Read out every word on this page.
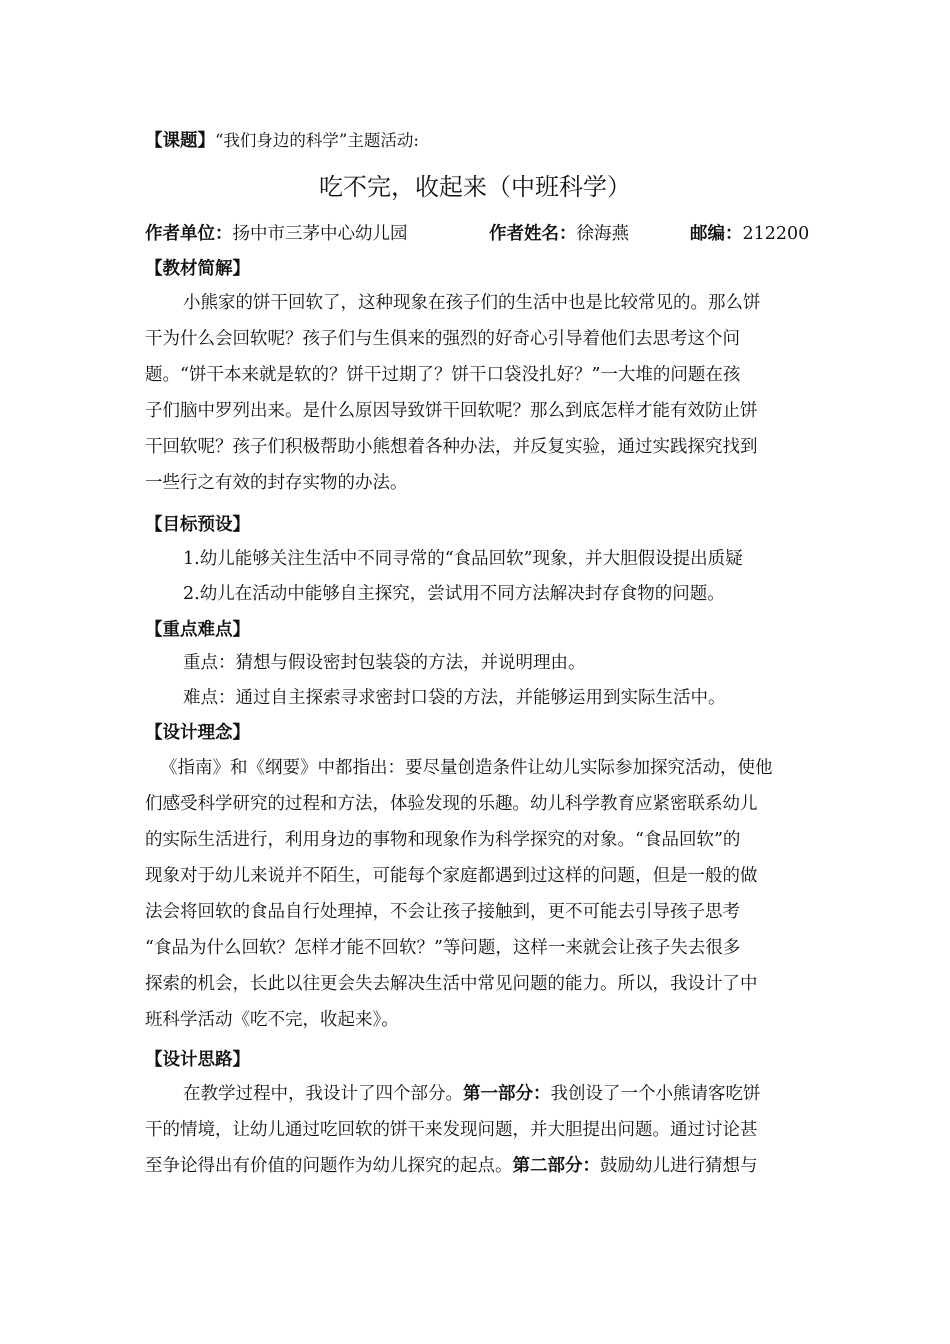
【课题】“我们身边的科学”主题活动:
吃不完，收起来（中班科学）
作者单位：扬中市三茅中心幼儿园	作者姓名：徐海燕	邮编：212200
【教材简解】
小熊家的饼干回软了，这种现象在孩子们的生活中也是比较常见的。那么饼
干为什么会回软呢？孩子们与生俱来的强烈的好奇心引导着他们去思考这个问
题。“饼干本来就是软的？饼干过期了？饼干口袋没扎好？”一大堆的问题在孩
子们脑中罗列出来。是什么原因导致饼干回软呢？那么到底怎样才能有效防止饼
干回软呢？孩子们积极帮助小熊想着各种办法，并反复实验，通过实践探究找到
一些行之有效的封存实物的办法。
【目标预设】
1.幼儿能够关注生活中不同寻常的“食品回软”现象，并大胆假设提出质疑
2.幼儿在活动中能够自主探究，尝试用不同方法解决封存食物的问题。
【重点难点】
重点：猜想与假设密封包装袋的方法，并说明理由。
难点：通过自主探索寻求密封口袋的方法，并能够运用到实际生活中。
【设计理念】
《指南》和《纲要》中都指出：要尽量创造条件让幼儿实际参加探究活动，使他
们感受科学研究的过程和方法，体验发现的乐趣。幼儿科学教育应紧密联系幼儿
的实际生活进行，利用身边的事物和现象作为科学探究的对象。“食品回软”的
现象对于幼儿来说并不陌生，可能每个家庭都遇到过这样的问题，但是一般的做
法会将回软的食品自行处理掉，不会让孩子接触到，更不可能去引导孩子思考
“食品为什么回软？怎样才能不回软？”等问题，这样一来就会让孩子失去很多
探索的机会，长此以往更会失去解决生活中常见问题的能力。所以，我设计了中
班科学活动《吃不完，收起来》。
【设计思路】
在教学过程中，我设计了四个部分。第一部分：我创设了一个小熊请客吃饼
干的情境，让幼儿通过吃回软的饼干来发现问题，并大胆提出问题。通过讨论甚
至争论得出有价值的问题作为幼儿探究的起点。第二部分：鼓励幼儿进行猜想与
